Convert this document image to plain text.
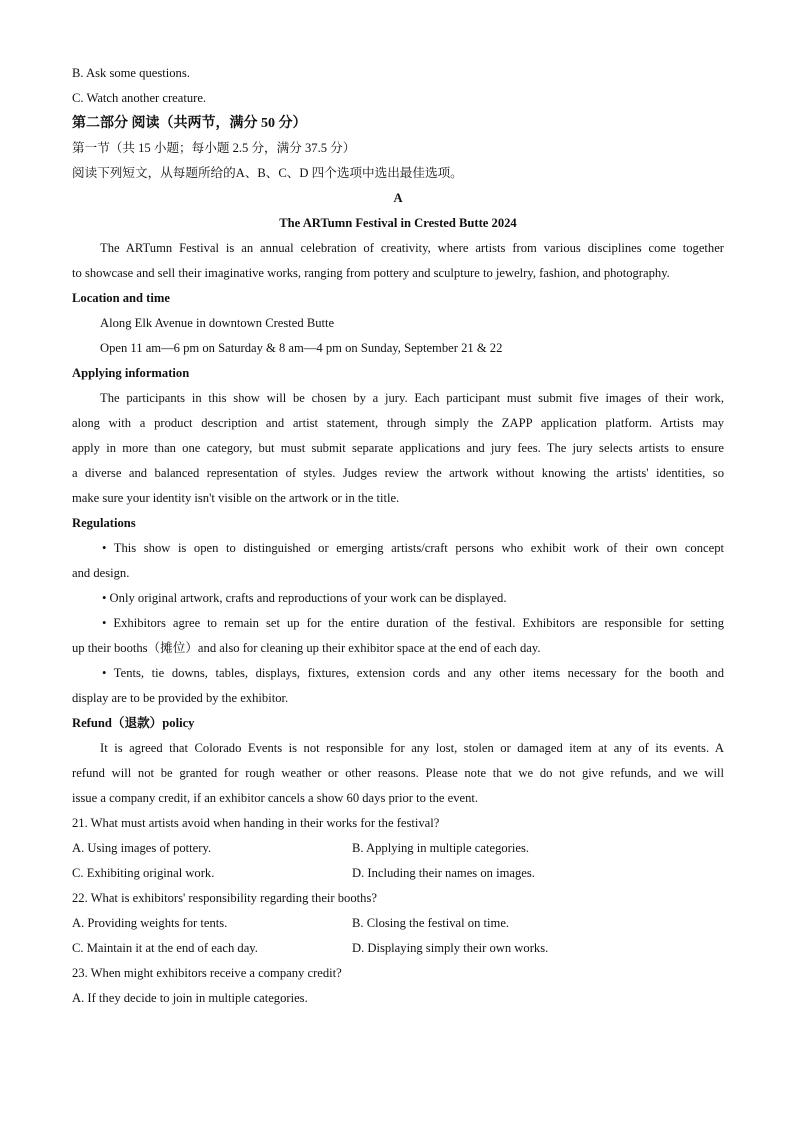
B. Ask some questions.
C. Watch another creature.
第二部分 阅读（共两节，满分 50 分）
第一节（共 15 小题；每小题 2.5 分，满分 37.5 分）
阅读下列短文，从每题所给的A、B、C、D 四个选项中选出最佳选项。
A
The ARTumn Festival in Crested Butte 2024
The ARTumn Festival is an annual celebration of creativity, where artists from various disciplines come together
to showcase and sell their imaginative works, ranging from pottery and sculpture to jewelry, fashion, and photography.
Location and time
Along Elk Avenue in downtown Crested Butte
Open 11 am—6 pm on Saturday & 8 am—4 pm on Sunday, September 21 & 22
Applying information
The participants in this show will be chosen by a jury. Each participant must submit five images of their work,
along with a product description and artist statement, through simply the ZAPP application platform. Artists may
apply in more than one category, but must submit separate applications and jury fees. The jury selects artists to ensure
a diverse and balanced representation of styles. Judges review the artwork without knowing the artists' identities, so
make sure your identity isn't visible on the artwork or in the title.
Regulations
• This show is open to distinguished or emerging artists/craft persons who exhibit work of their own concept
and design.
• Only original artwork, crafts and reproductions of your work can be displayed.
• Exhibitors agree to remain set up for the entire duration of the festival. Exhibitors are responsible for setting
up their booths（摊位）and also for cleaning up their exhibitor space at the end of each day.
• Tents, tie downs, tables, displays, fixtures, extension cords and any other items necessary for the booth and
display are to be provided by the exhibitor.
Refund（退款）policy
It is agreed that Colorado Events is not responsible for any lost, stolen or damaged item at any of its events. A
refund will not be granted for rough weather or other reasons. Please note that we do not give refunds, and we will
issue a company credit, if an exhibitor cancels a show 60 days prior to the event.
21. What must artists avoid when handing in their works for the festival?
A. Using images of pottery.	B. Applying in multiple categories.
C. Exhibiting original work.	D. Including their names on images.
22. What is exhibitors' responsibility regarding their booths?
A. Providing weights for tents.	B. Closing the festival on time.
C. Maintain it at the end of each day.	D. Displaying simply their own works.
23. When might exhibitors receive a company credit?
A. If they decide to join in multiple categories.
